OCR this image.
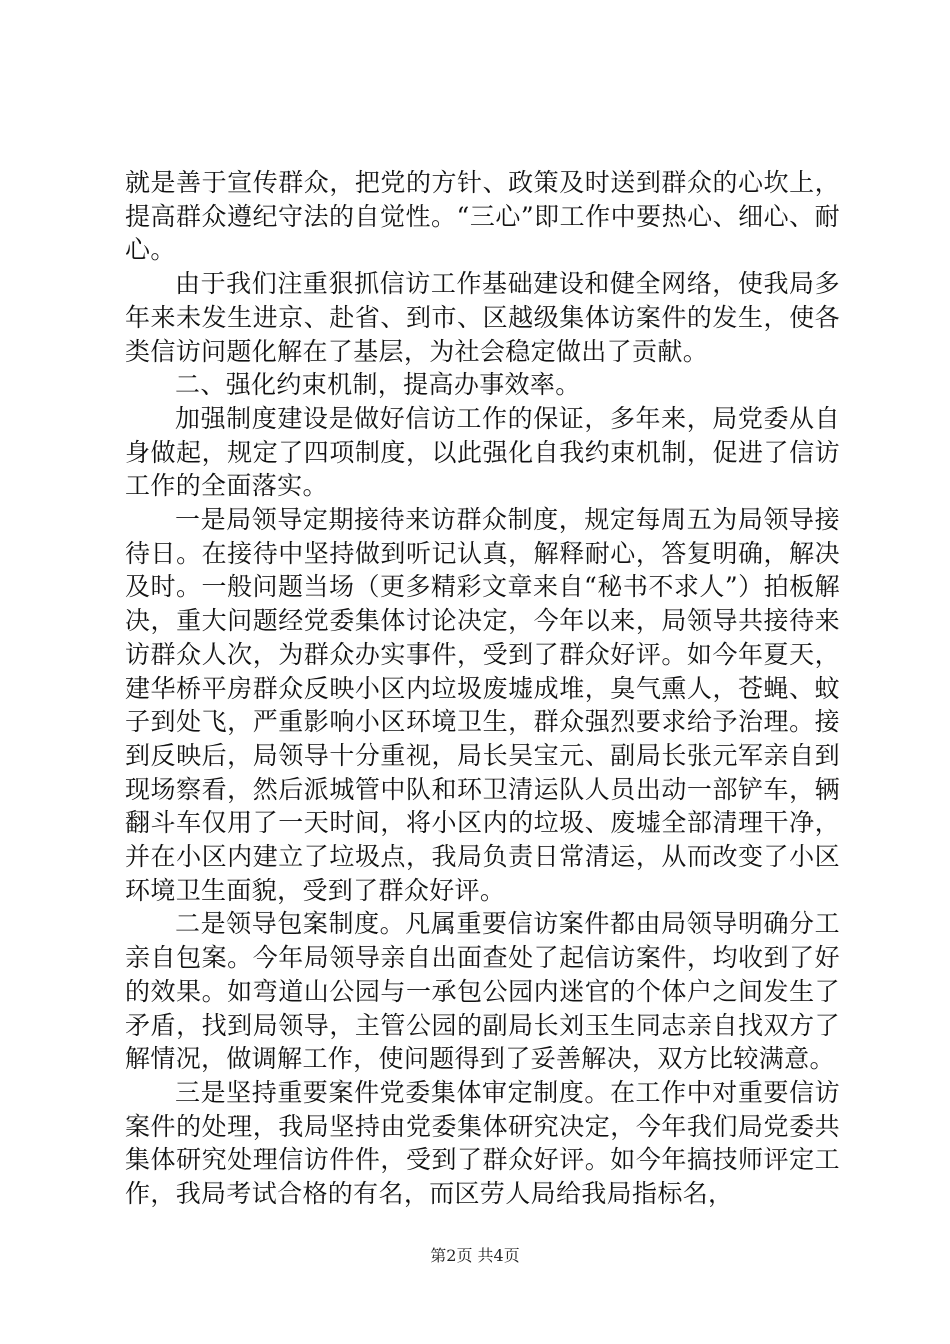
就是善于宣传群众，把党的方针、政策及时送到群众的心坎上，提高群众遵纪守法的自觉性。“三心”即工作中要热心、细心、耐心。

由于我们注重狠抓信访工作基础建设和健全网络，使我局多年来未发生进京、赴省、到市、区越级集体访案件的发生，使各类信访问题化解在了基层，为社会稳定做出了贡献。

二、强化约束机制，提高办事效率。

加强制度建设是做好信访工作的保证，多年来，局党委从自身做起，规定了四项制度，以此强化自我约束机制，促进了信访工作的全面落实。

一是局领导定期接待来访群众制度，规定每周五为局领导接待日。在接待中坚持做到听记认真，解释耐心，答复明确，解决及时。一般问题当场（更多精彩文章来自“秘书不求人”）拍板解决，重大问题经党委集体讨论决定，今年以来，局领导共接待来访群众人次，为群众办实事件，受到了群众好评。如今年夏天，建华桥平房群众反映小区内垃圾废墟成堆，臭气熏人，苍蝇、蚊子到处飞，严重影响小区环境卫生，群众强烈要求给予治理。接到反映后，局领导十分重视，局长吴宝元、副局长张元军亲自到现场察看，然后派城管中队和环卫清运队人员出动一部铲车，辆翻斗车仅用了一天时间，将小区内的垃圾、废墟全部清理干净，并在小区内建立了垃圾点，我局负责日常清运，从而改变了小区环境卫生面貌，受到了群众好评。

二是领导包案制度。凡属重要信访案件都由局领导明确分工亲自包案。今年局领导亲自出面查处了起信访案件，均收到了好的效果。如弯道山公园与一承包公园内迷官的个体户之间发生了矛盾，找到局领导，主管公园的副局长刘玉生同志亲自找双方了解情况，做调解工作，使问题得到了妥善解决，双方比较满意。

三是坚持重要案件党委集体审定制度。在工作中对重要信访案件的处理，我局坚持由党委集体研究决定，今年我们局党委共集体研究处理信访件件，受到了群众好评。如今年搞技师评定工作，我局考试合格的有名，而区劳人局给我局指标名，

第2页 共4页
